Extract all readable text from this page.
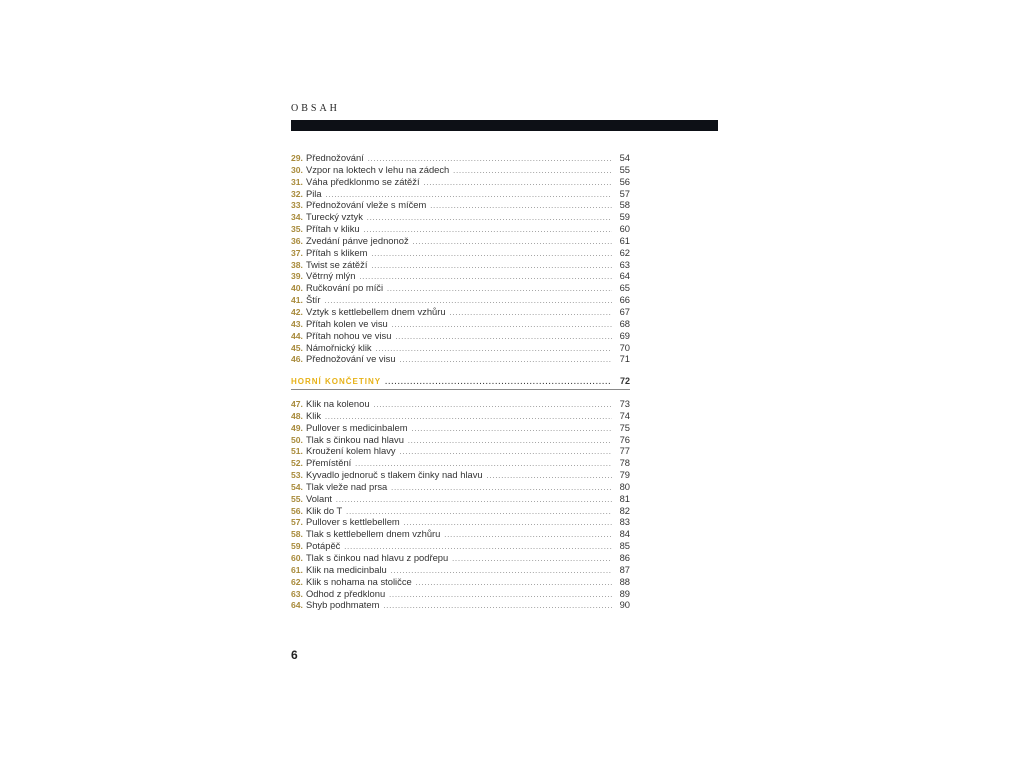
OBSAH
29. Přednožování .....	54
30. Vzpor na loktech v lehu na zádech .....	55
31. Váha předklonmo se zátěží .....	56
32. Pila .....	57
33. Přednožování vleže s míčem .....	58
34. Turecký vztyk .....	59
35. Přítah v kliku .....	60
36. Zvedání pánve jednonož .....	61
37. Přítah s klikem .....	62
38. Twist se zátěží .....	63
39. Větrný mlýn .....	64
40. Ručkování po míči .....	65
41. Štír .....	66
42. Vztyk s kettlebellem dnem vzhůru .....	67
43. Přítah kolen ve visu .....	68
44. Přítah nohou ve visu .....	69
45. Námořnický klik .....	70
46. Přednožování ve visu .....	71
HORNÍ KONČETINY .....	72
47. Klik na kolenou .....	73
48. Klik .....	74
49. Pullover s medicinbalem .....	75
50. Tlak s činkou nad hlavu .....	76
51. Kroužení kolem hlavy .....	77
52. Přemístění .....	78
53. Kyvadlo jednoruč s tlakem činky nad hlavu .....	79
54. Tlak vleže nad prsa .....	80
55. Volant .....	81
56. Klik do T .....	82
57. Pullover s kettlebellem .....	83
58. Tlak s kettlebellem dnem vzhůru .....	84
59. Potápěč .....	85
60. Tlak s činkou nad hlavu z podřepu .....	86
61. Klik na medicinbalu .....	87
62. Klik s nohama na stoličce .....	88
63. Odhod z předklonu .....	89
64. Shyb podhmatem .....	90
6
